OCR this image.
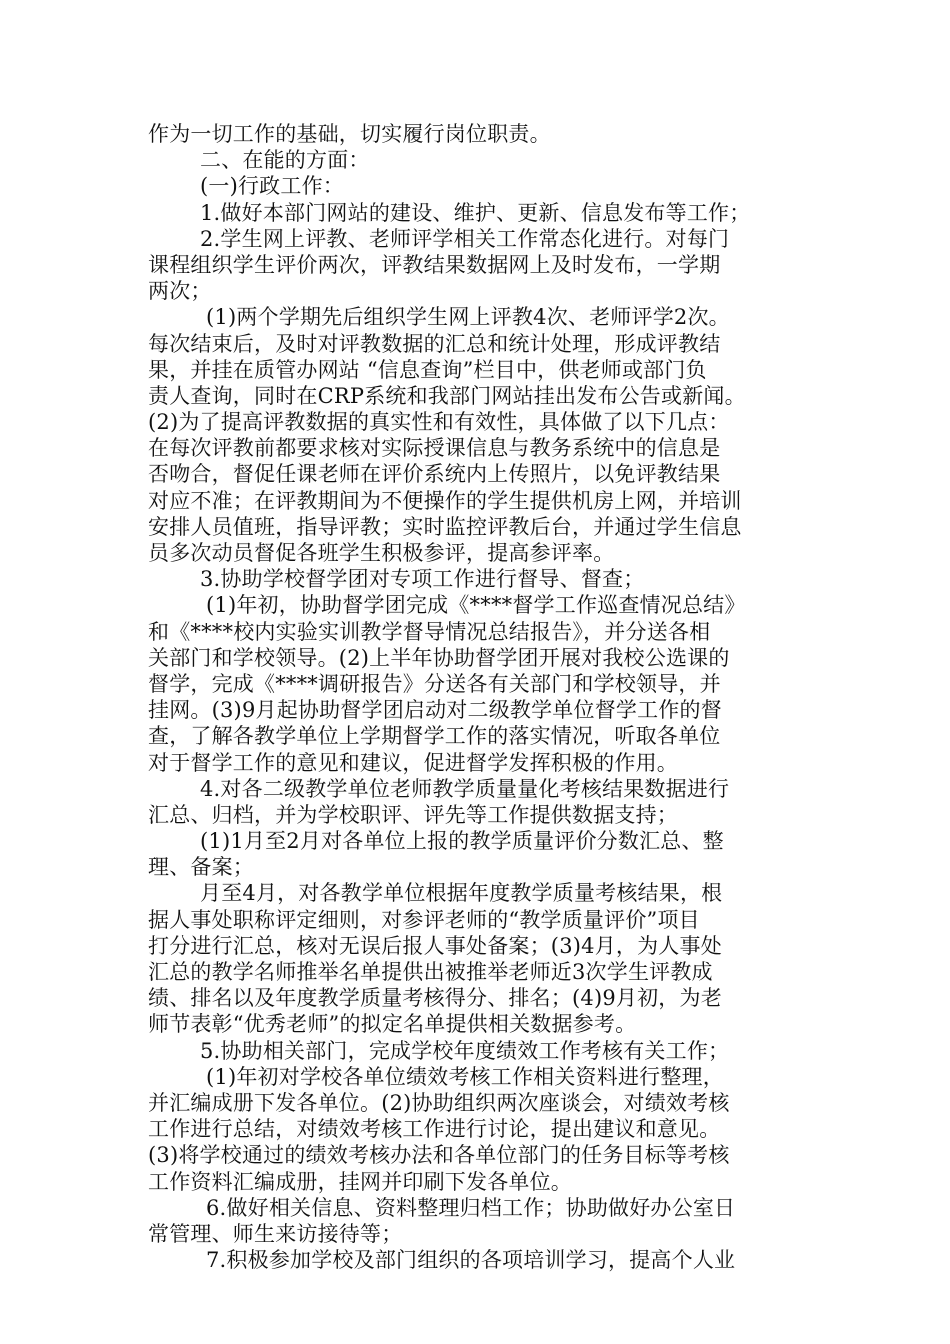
作为一切工作的基础，切实履行岗位职责。
二、在能的方面：
(一)行政工作：
1.做好本部门网站的建设、维护、更新、信息发布等工作；
2.学生网上评教、老师评学相关工作常态化进行。对每门
课程组织学生评价两次，评教结果数据网上及时发布，一学期
两次；
(1)两个学期先后组织学生网上评教4次、老师评学2次。
每次结束后，及时对评教数据的汇总和统计处理，形成评教结
果，并挂在质管办网站 “信息查询”栏目中，供老师或部门负
责人查询，同时在CRP系统和我部门网站挂出发布公告或新闻。
(2)为了提高评教数据的真实性和有效性，具体做了以下几点：
在每次评教前都要求核对实际授课信息与教务系统中的信息是
否吻合，督促任课老师在评价系统内上传照片，以免评教结果
对应不准；在评教期间为不便操作的学生提供机房上网，并培训
安排人员值班，指导评教；实时监控评教后台，并通过学生信息
员多次动员督促各班学生积极参评，提高参评率。
3.协助学校督学团对专项工作进行督导、督查；
(1)年初，协助督学团完成《****督学工作巡查情况总结》
和《****校内实验实训教学督导情况总结报告》，并分送各相
关部门和学校领导。(2)上半年协助督学团开展对我校公选课的
督学，完成《****调研报告》分送各有关部门和学校领导，并
挂网。(3)9月起协助督学团启动对二级教学单位督学工作的督
查，了解各教学单位上学期督学工作的落实情况，听取各单位
对于督学工作的意见和建议，促进督学发挥积极的作用。
4.对各二级教学单位老师教学质量量化考核结果数据进行
汇总、归档，并为学校职评、评先等工作提供数据支持；
(1)1月至2月对各单位上报的教学质量评价分数汇总、整
理、备案；
月至4月，对各教学单位根据年度教学质量考核结果，根
据人事处职称评定细则，对参评老师的“教学质量评价”项目
打分进行汇总，核对无误后报人事处备案；(3)4月，为人事处
汇总的教学名师推举名单提供出被推举老师近3次学生评教成
绩、排名以及年度教学质量考核得分、排名；(4)9月初，为老
师节表彰“优秀老师”的拟定名单提供相关数据参考。
5.协助相关部门，完成学校年度绩效工作考核有关工作；
(1)年初对学校各单位绩效考核工作相关资料进行整理，
并汇编成册下发各单位。(2)协助组织两次座谈会，对绩效考核
工作进行总结，对绩效考核工作进行讨论，提出建议和意见。
(3)将学校通过的绩效考核办法和各单位部门的任务目标等考核
工作资料汇编成册，挂网并印刷下发各单位。
6.做好相关信息、资料整理归档工作；协助做好办公室日
常管理、师生来访接待等；
7.积极参加学校及部门组织的各项培训学习，提高个人业
